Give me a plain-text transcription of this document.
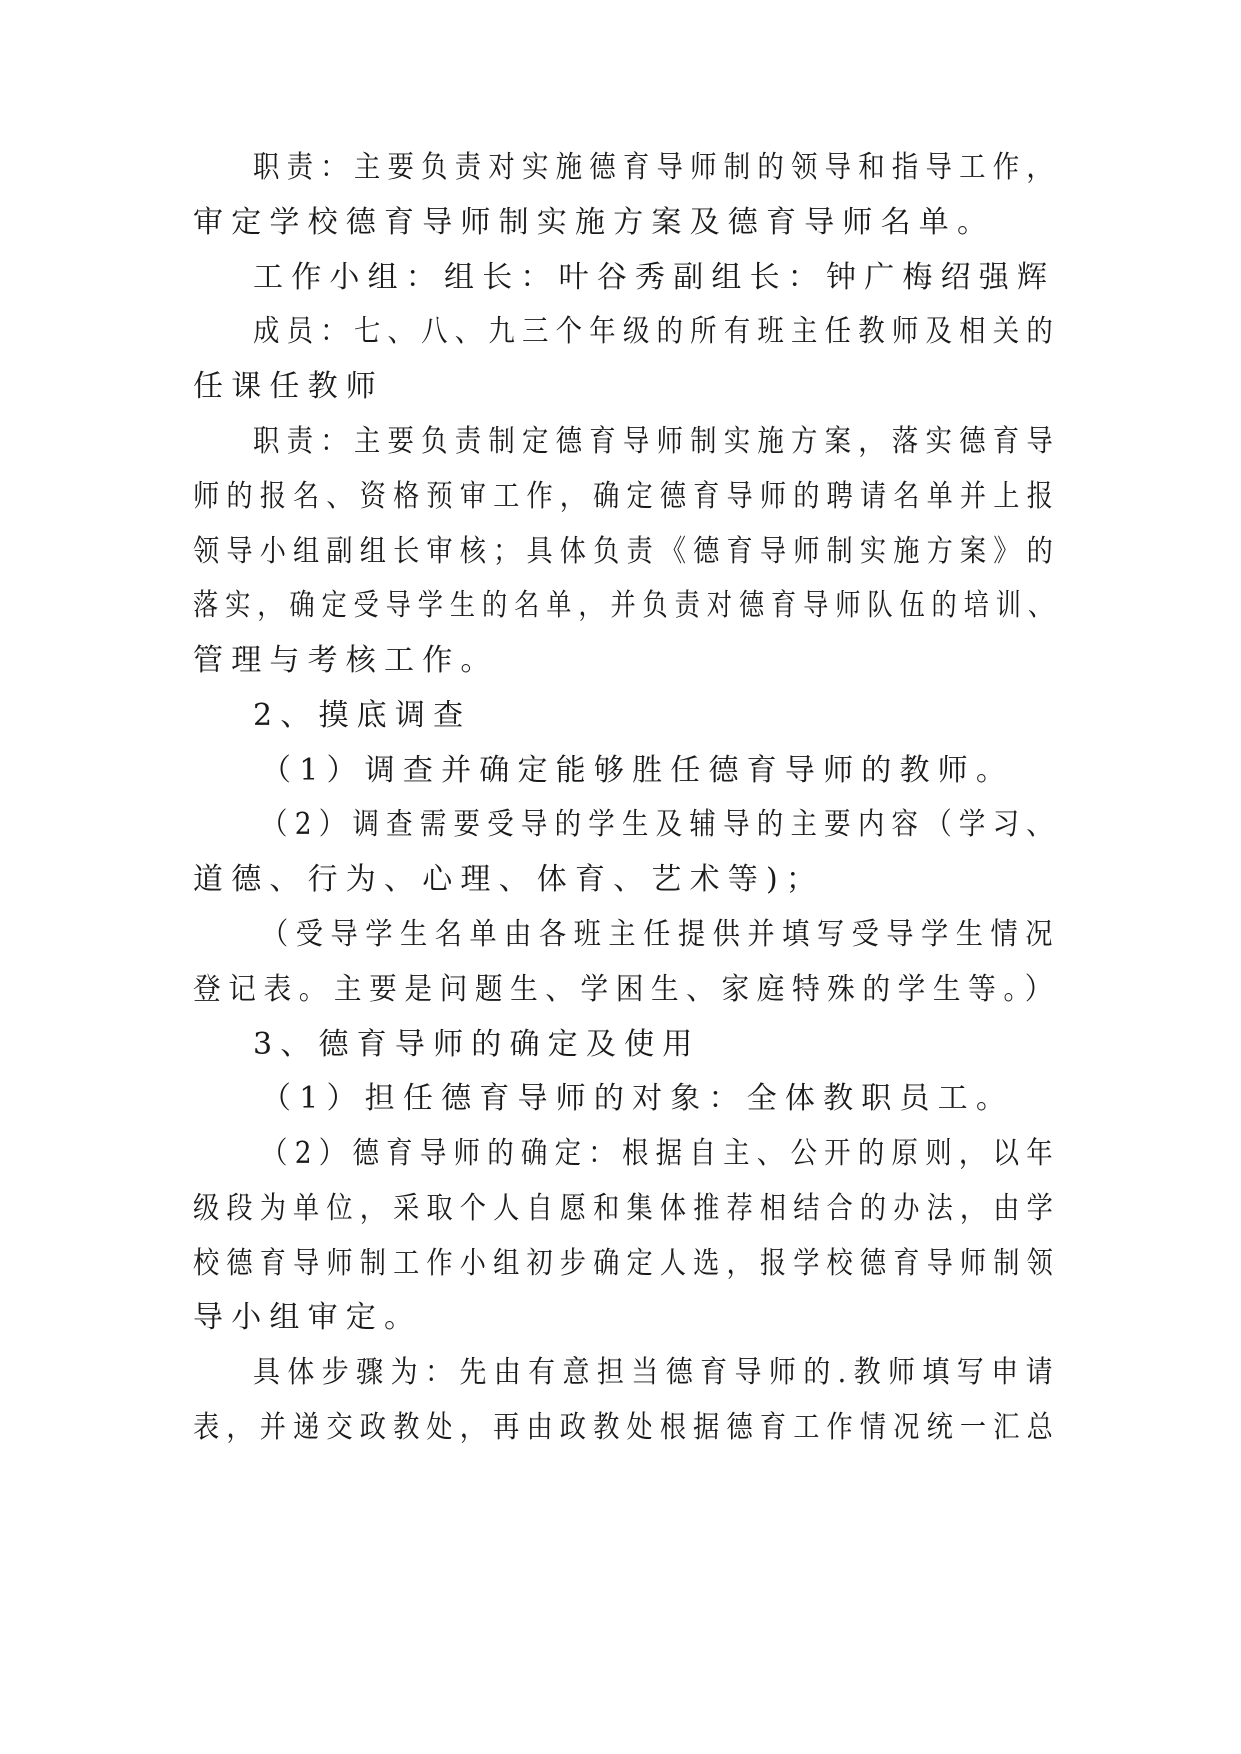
职责：主要负责对实施德育导师制的领导和指导工作，

审定学校德育导师制实施方案及德育导师名单。

工作小组：组长：叶谷秀副组长：钟广梅绍强辉

成员：七、八、九三个年级的所有班主任教师及相关的

任课任教师

职责：主要负责制定德育导师制实施方案，落实德育导

师的报名、资格预审工作，确定德育导师的聘请名单并上报

领导小组副组长审核；具体负责《德育导师制实施方案》的

落实，确定受导学生的名单，并负责对德育导师队伍的培训、

管理与考核工作。

2、摸底调查

（1）调查并确定能够胜任德育导师的教师。

（2）调查需要受导的学生及辅导的主要内容（学习、

道德、行为、心理、体育、艺术等)；

（受导学生名单由各班主任提供并填写受导学生情况

登记表。主要是问题生、学困生、家庭特殊的学生等。）

3、德育导师的确定及使用

（1）担任德育导师的对象：全体教职员工。

（2）德育导师的确定：根据自主、公开的原则，以年

级段为单位，采取个人自愿和集体推荐相结合的办法，由学

校德育导师制工作小组初步确定人选，报学校德育导师制领

导小组审定。

具体步骤为：先由有意担当德育导师的.教师填写申请

表，并递交政教处，再由政教处根据德育工作情况统一汇总
